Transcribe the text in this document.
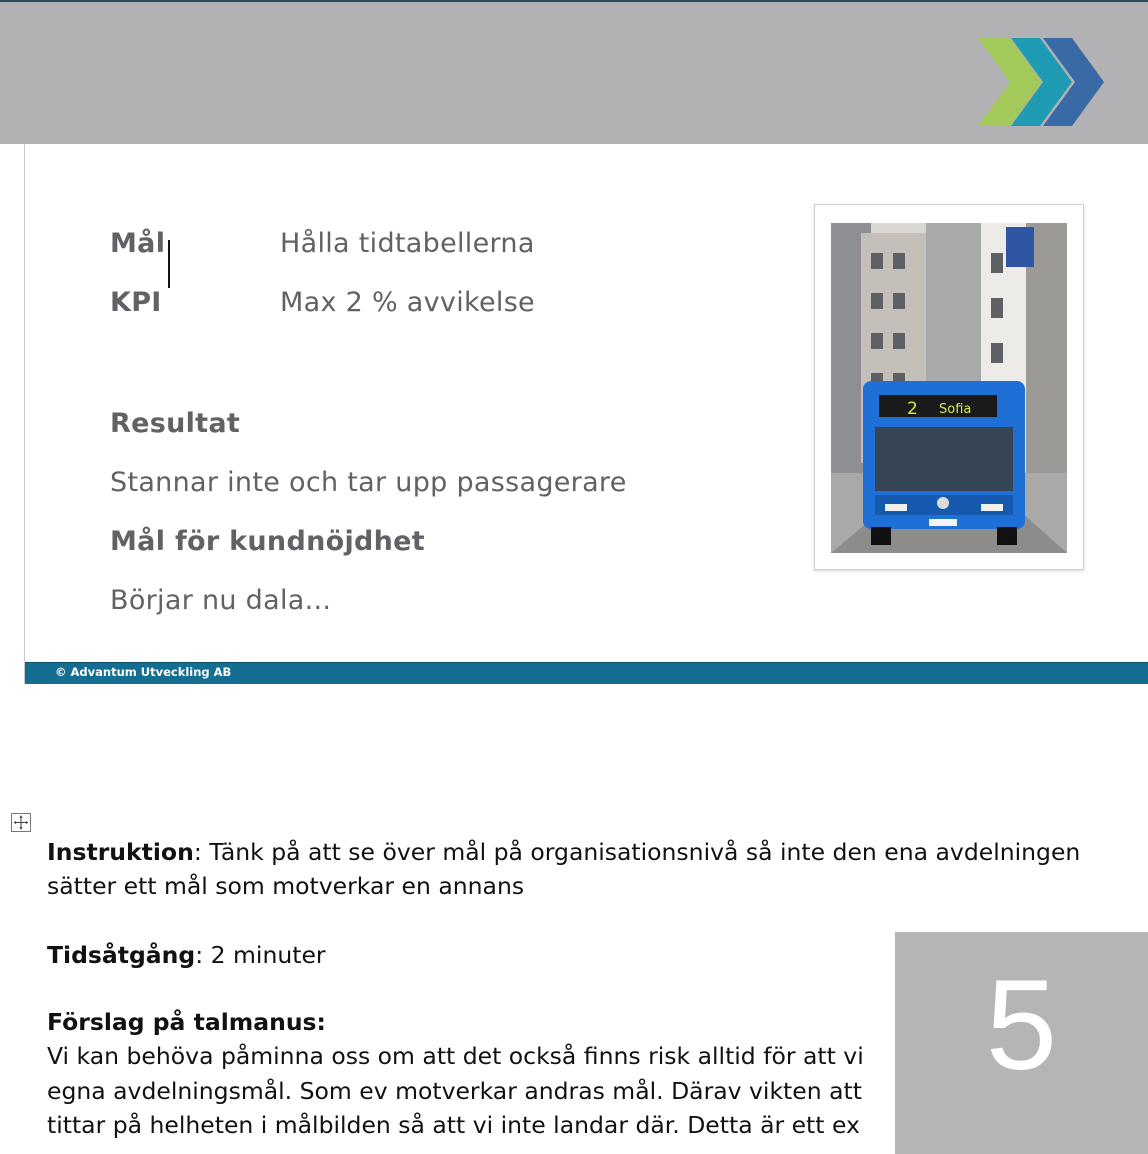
Mål	Hålla tidtabellerna
KPI	Max 2 % avvikelse
Resultat
Stannar inte och tar upp passagerare
Mål för kundnöjdhet
Börjar nu dala...
2 Sofia
© Advantum Utveckling AB
Instruktion: Tänk på att se över mål på organisationsnivå så inte den ena avdelningen
sätter ett mål som motverkar en annans
Tidsåtgång: 2 minuter
Förslag på talmanus:
Vi kan behöva påminna oss om att det också finns risk alltid för att vi
egna avdelningsmål. Som ev motverkar andras mål. Därav vikten att
tittar på helheten i målbilden så att vi inte landar där. Detta är ett ex
5
